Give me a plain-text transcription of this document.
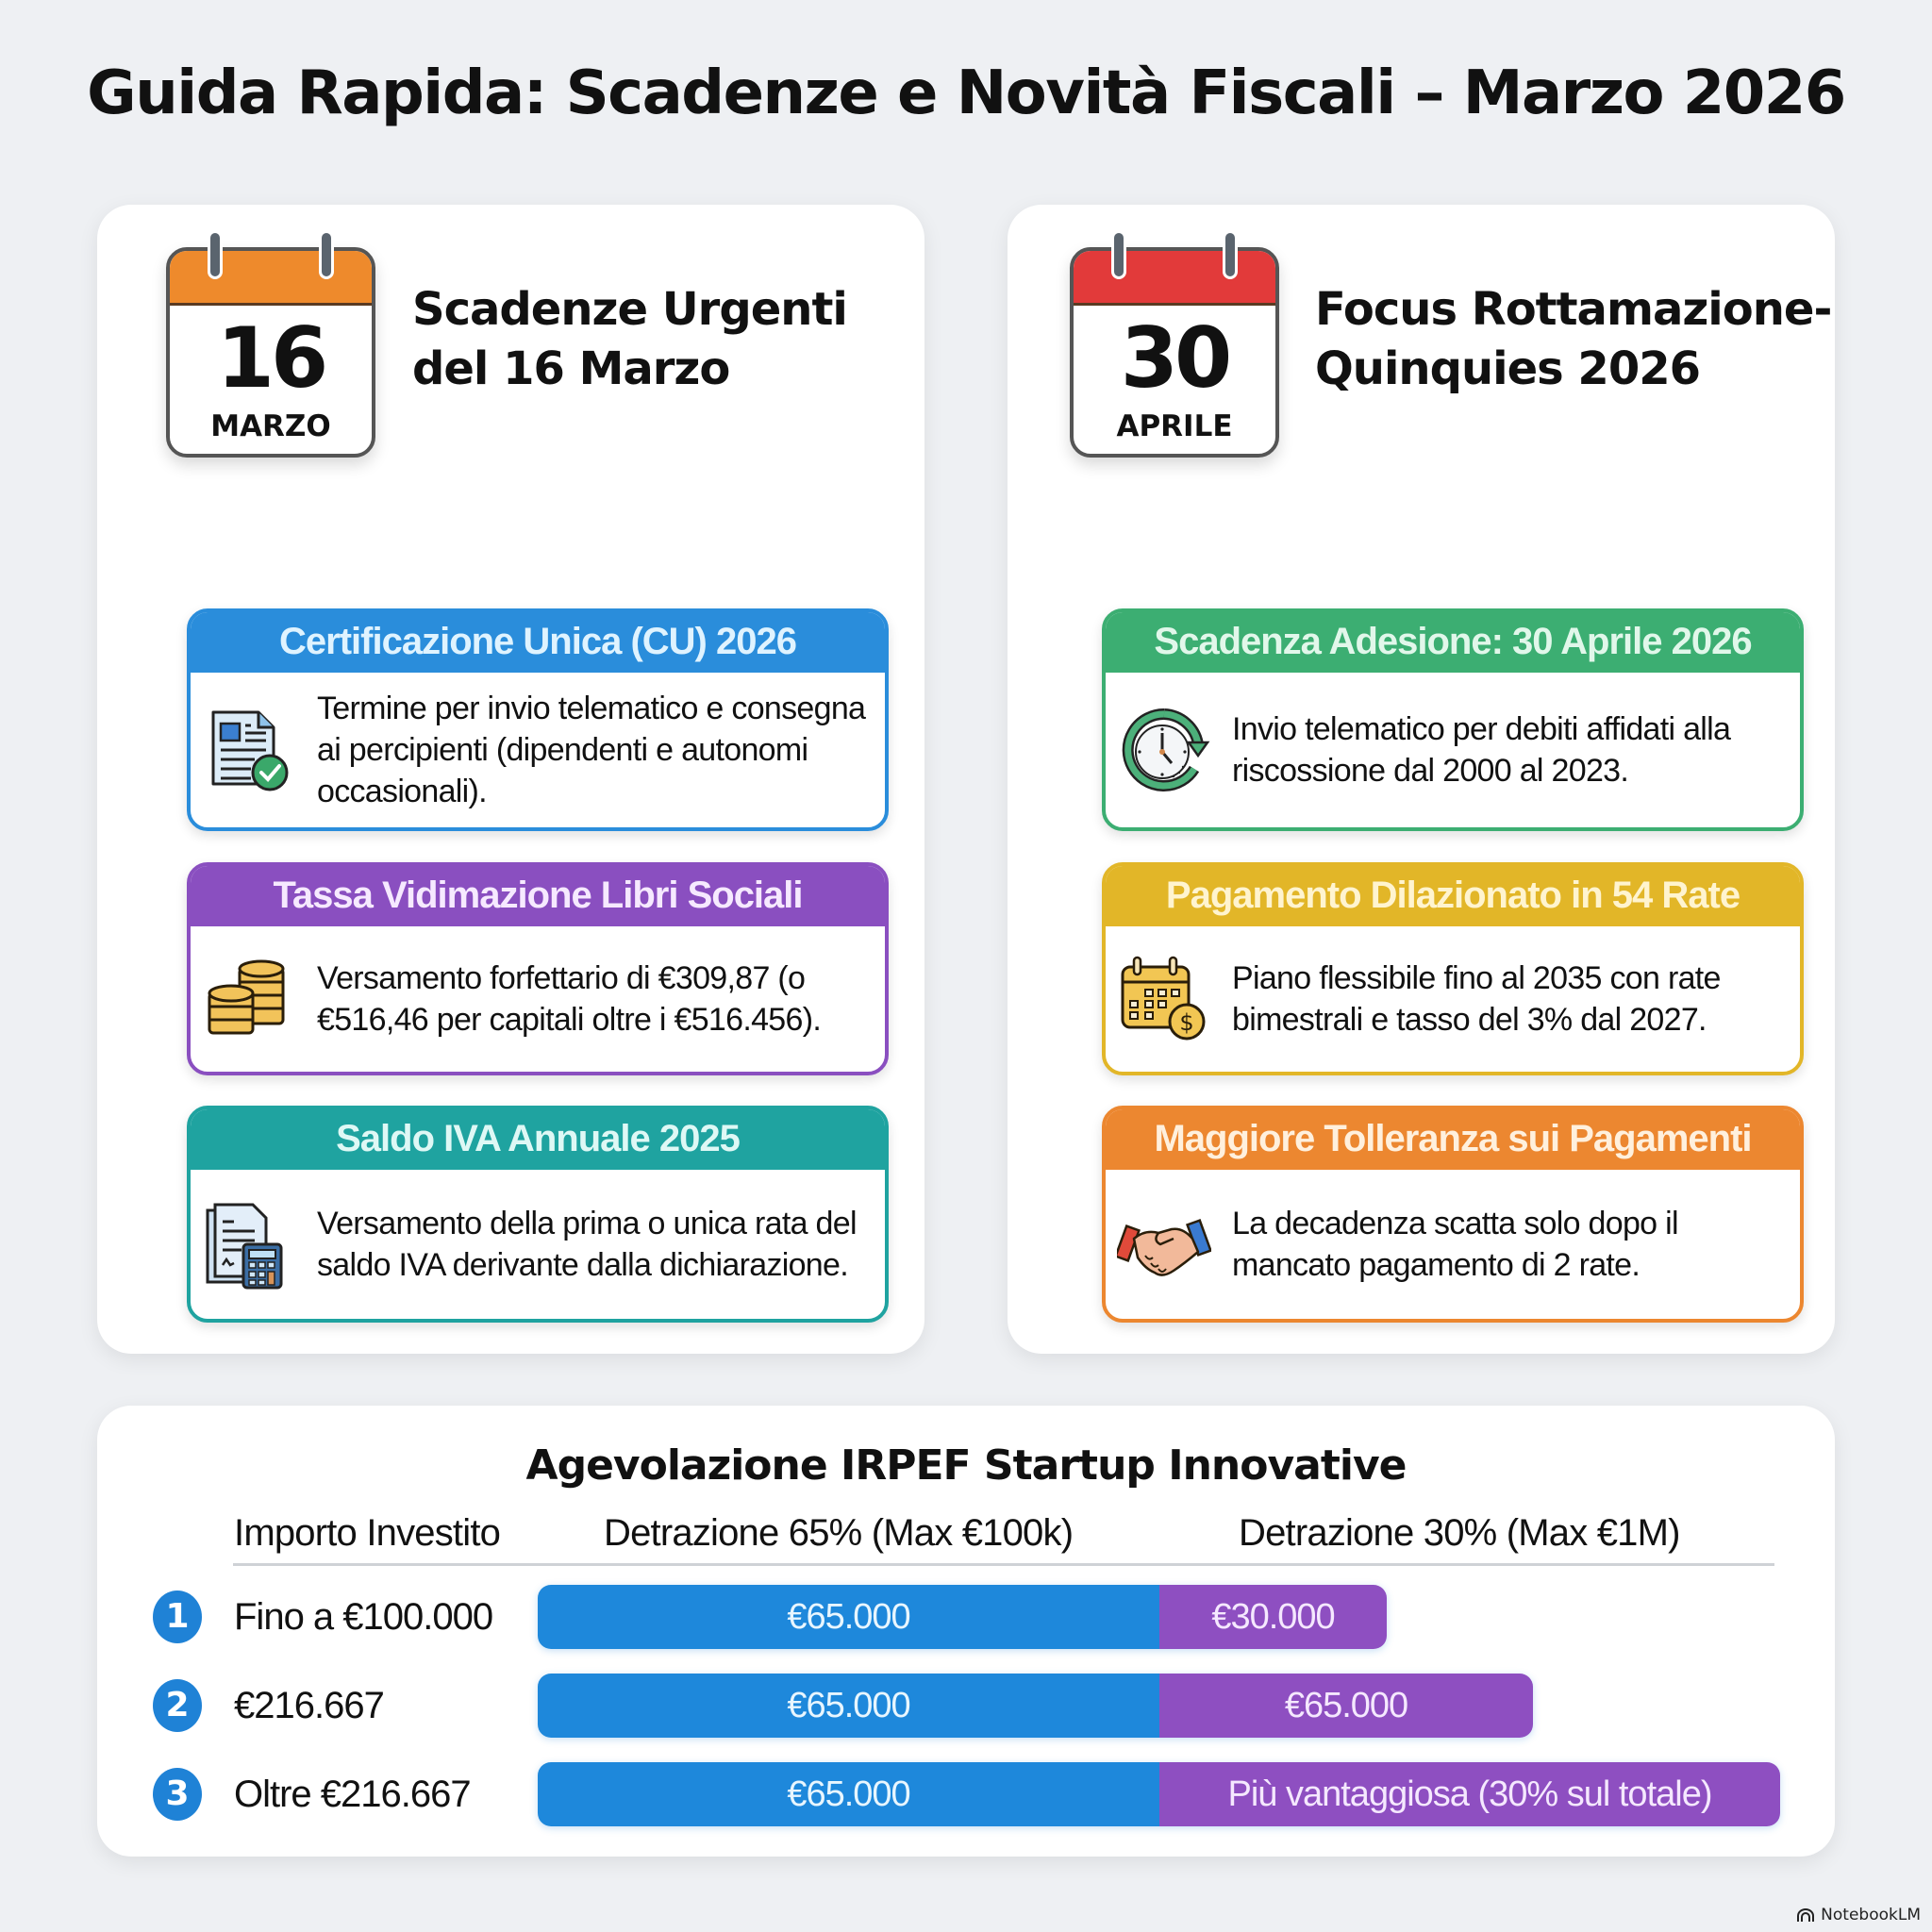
Guida Rapida: Scadenze e Novità Fiscali – Marzo 2026
16
MARZO
Scadenze Urgenti
del 16 Marzo
Certificazione Unica (CU) 2026

Termine per invio telematico e consegna ai percipienti (dipendenti e autonomi occasionali).

Tassa Vidimazione Libri Sociali

Versamento forfettario di €309,87 (o €516,46 per capitali oltre i €516.456).

Saldo IVA Annuale 2025

Versamento della prima o unica rata del saldo IVA derivante dalla dichiarazione.

30
APRILE
Focus Rottamazione-
Quinquies 2026
Scadenza Adesione: 30 Aprile 2026

Invio telematico per debiti affidati alla riscossione dal 2000 al 2023.

Pagamento Dilazionato in 54 Rate
$

Piano flessibile fino al 2035 con rate bimestrali e tasso del 3% dal 2027.

Maggiore Tolleranza sui Pagamenti

La decadenza scatta solo dopo il mancato pagamento di 2 rate.

Agevolazione IRPEF Startup Innovative
Importo Investito	Detrazione 65% (Max €100k)	Detrazione 30% (Max €1M)
1	Fino a €100.000	€65.000	€30.000
2	€216.667	€65.000	€65.000
3	Oltre €216.667	€65.000	Più vantaggiosa (30% sul totale)
NotebookLM
